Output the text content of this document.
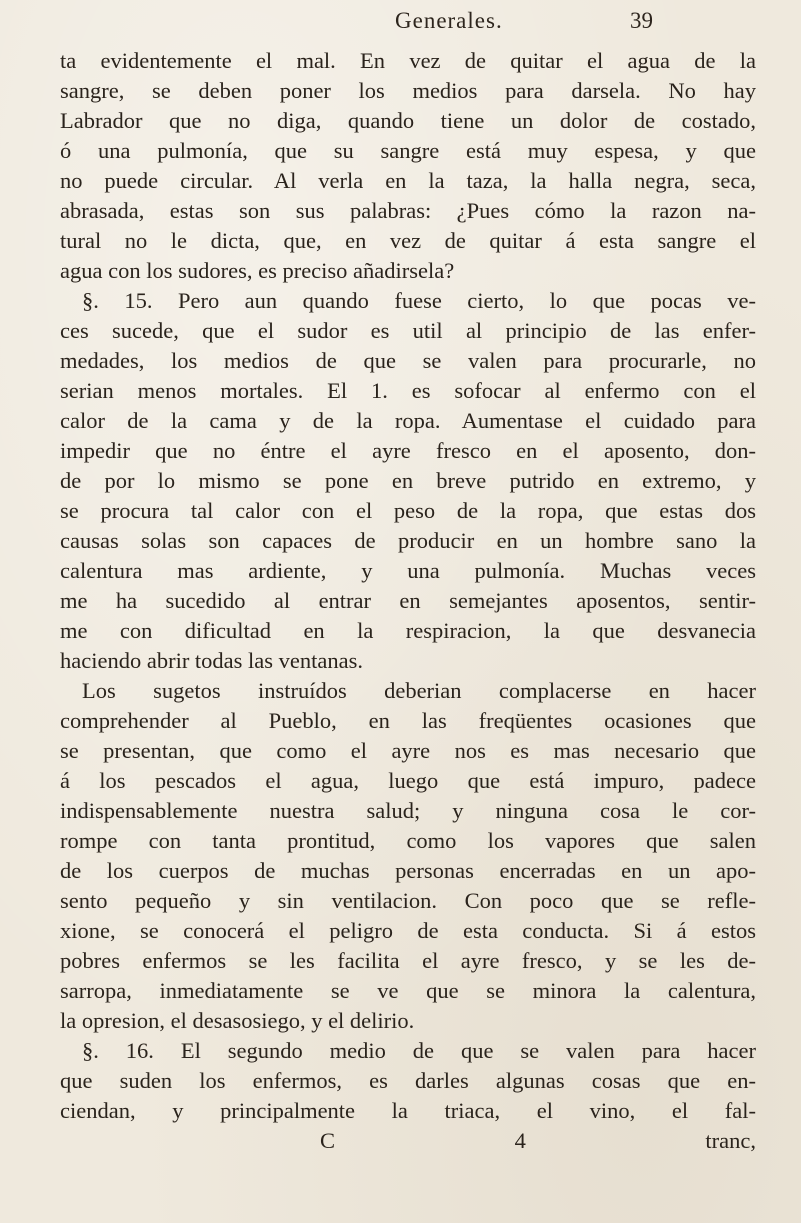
Generales.	39
ta evidentemente el mal. En vez de quitar el agua de la
sangre, se deben poner los medios para darsela. No hay
Labrador que no diga, quando tiene un dolor de costado,
ó una pulmonía, que su sangre está muy espesa, y que
no puede circular. Al verla en la taza, la halla negra, seca,
abrasada, estas son sus palabras: ¿Pues cómo la razon na-
tural no le dicta, que, en vez de quitar á esta sangre el
agua con los sudores, es preciso añadirsela?
§. 15. Pero aun quando fuese cierto, lo que pocas ve-
ces sucede, que el sudor es util al principio de las enfer-
medades, los medios de que se valen para procurarle, no
serian menos mortales. El 1. es sofocar al enfermo con el
calor de la cama y de la ropa. Aumentase el cuidado para
impedir que no éntre el ayre fresco en el aposento, don-
de por lo mismo se pone en breve putrido en extremo, y
se procura tal calor con el peso de la ropa, que estas dos
causas solas son capaces de producir en un hombre sano la
calentura mas ardiente, y una pulmonía. Muchas veces
me ha sucedido al entrar en semejantes aposentos, sentir-
me con dificultad en la respiracion, la que desvanecia
haciendo abrir todas las ventanas.
Los sugetos instruídos deberian complacerse en hacer
comprehender al Pueblo, en las freqüentes ocasiones que
se presentan, que como el ayre nos es mas necesario que
á los pescados el agua, luego que está impuro, padece
indispensablemente nuestra salud; y ninguna cosa le cor-
rompe con tanta prontitud, como los vapores que salen
de los cuerpos de muchas personas encerradas en un apo-
sento pequeño y sin ventilacion. Con poco que se refle-
xione, se conocerá el peligro de esta conducta. Si á estos
pobres enfermos se les facilita el ayre fresco, y se les de-
sarropa, inmediatamente se ve que se minora la calentura,
la opresion, el desasosiego, y el delirio.
§. 16. El segundo medio de que se valen para hacer
que suden los enfermos, es darles algunas cosas que en-
ciendan, y principalmente la triaca, el vino, el fal-
C 4 tranc,
